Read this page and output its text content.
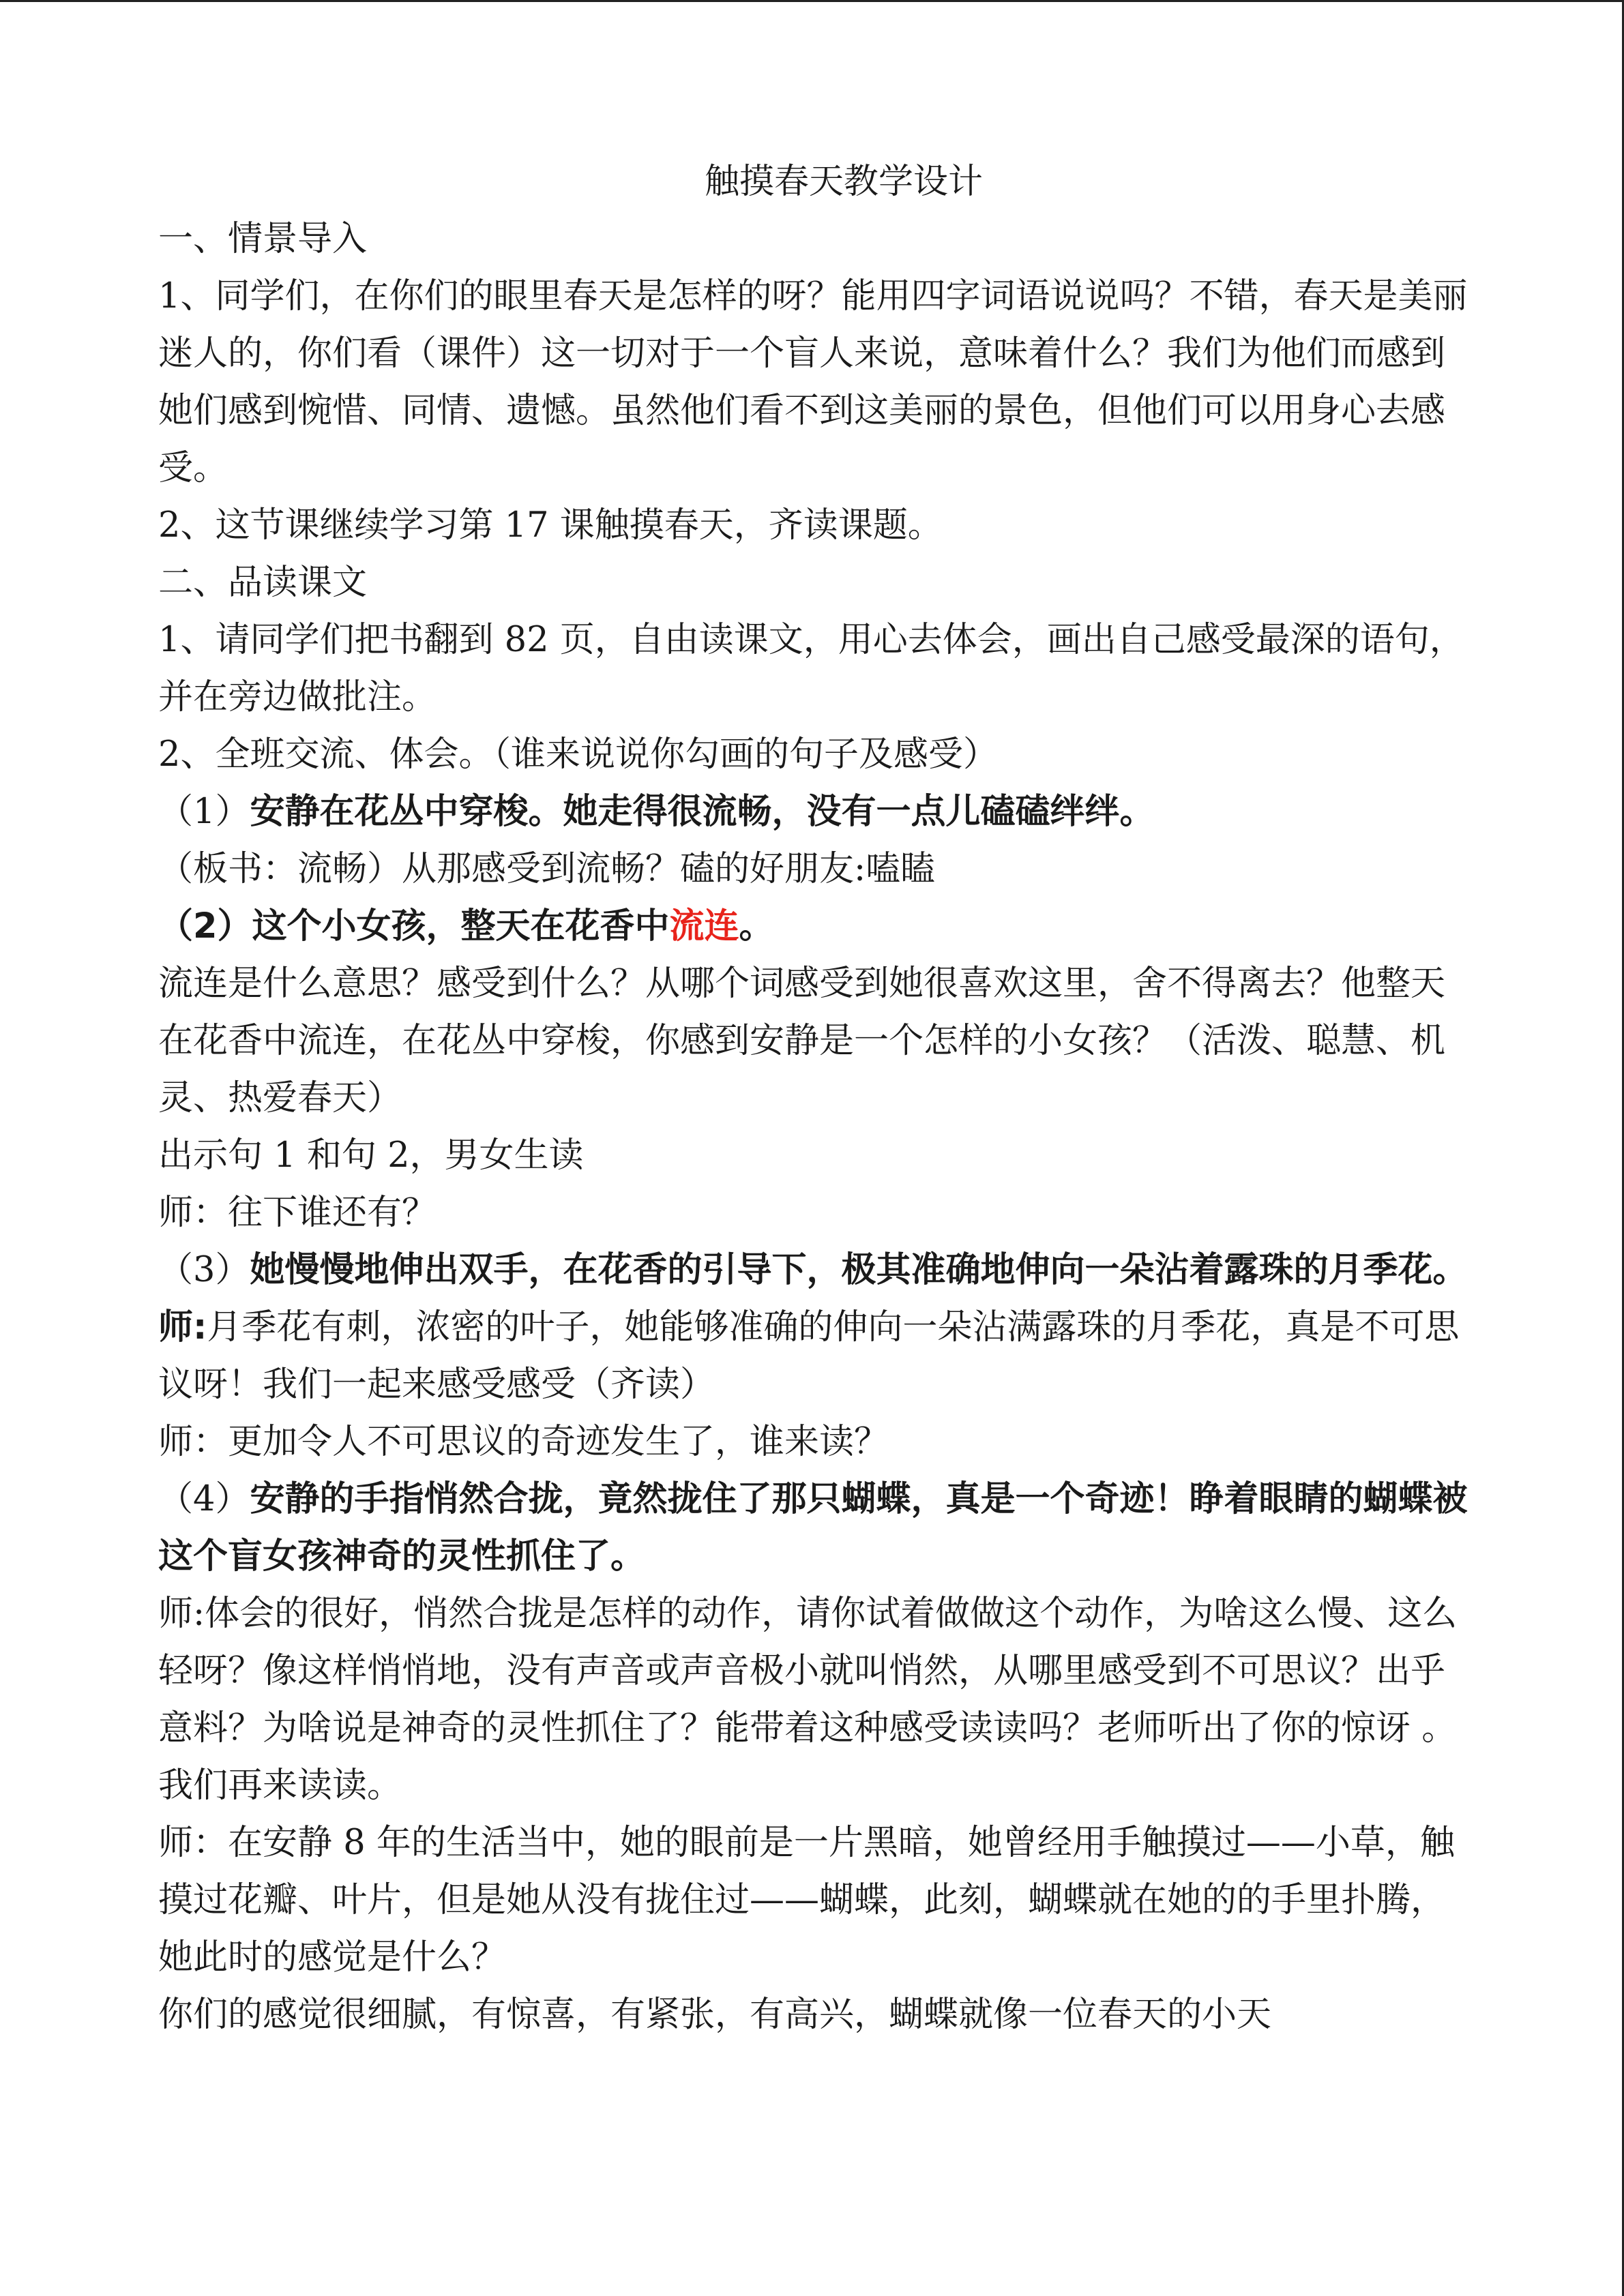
触摸春天教学设计

一、情景导入

1、同学们，在你们的眼里春天是怎样的呀？能用四字词语说说吗？不错，春天是美丽迷人的，你们看（课件）这一切对于一个盲人来说，意味着什么？我们为他们而感到她们感到惋惜、同情、遗憾。虽然他们看不到这美丽的景色，但他们可以用身心去感受。

2、这节课继续学习第 17 课触摸春天，齐读课题。

二、品读课文

1、请同学们把书翻到 82 页，自由读课文，用心去体会，画出自己感受最深的语句，并在旁边做批注。

2、全班交流、体会。（谁来说说你勾画的句子及感受）

（1）安静在花丛中穿梭。她走得很流畅，没有一点儿磕磕绊绊。

（板书：流畅）从那感受到流畅？磕的好朋友:嗑瞌

（2）这个小女孩，整天在花香中流连。

流连是什么意思？感受到什么？从哪个词感受到她很喜欢这里，舍不得离去？他整天在花香中流连，在花丛中穿梭，你感到安静是一个怎样的小女孩？（活泼、聪慧、机灵、热爱春天）

出示句 1 和句 2，男女生读

师：往下谁还有？

（3）她慢慢地伸出双手，在花香的引导下，极其准确地伸向一朵沾着露珠的月季花。

师:月季花有刺，浓密的叶子，她能够准确的伸向一朵沾满露珠的月季花，真是不可思议呀！我们一起来感受感受（齐读）

师：更加令人不可思议的奇迹发生了，谁来读？

（4）安静的手指悄然合拢，竟然拢住了那只蝴蝶，真是一个奇迹！睁着眼睛的蝴蝶被这个盲女孩神奇的灵性抓住了。

师:体会的很好，悄然合拢是怎样的动作，请你试着做做这个动作，为啥这么慢、这么轻呀？像这样悄悄地，没有声音或声音极小就叫悄然，从哪里感受到不可思议？出乎意料？为啥说是神奇的灵性抓住了？能带着这种感受读读吗？老师听出了你的惊讶 。我们再来读读。

师：在安静 8 年的生活当中，她的眼前是一片黑暗，她曾经用手触摸过——小草，触摸过花瓣、叶片，但是她从没有拢住过——蝴蝶，此刻，蝴蝶就在她的的手里扑腾，她此时的感觉是什么？

你们的感觉很细腻，有惊喜，有紧张，有高兴，蝴蝶就像一位春天的小天
